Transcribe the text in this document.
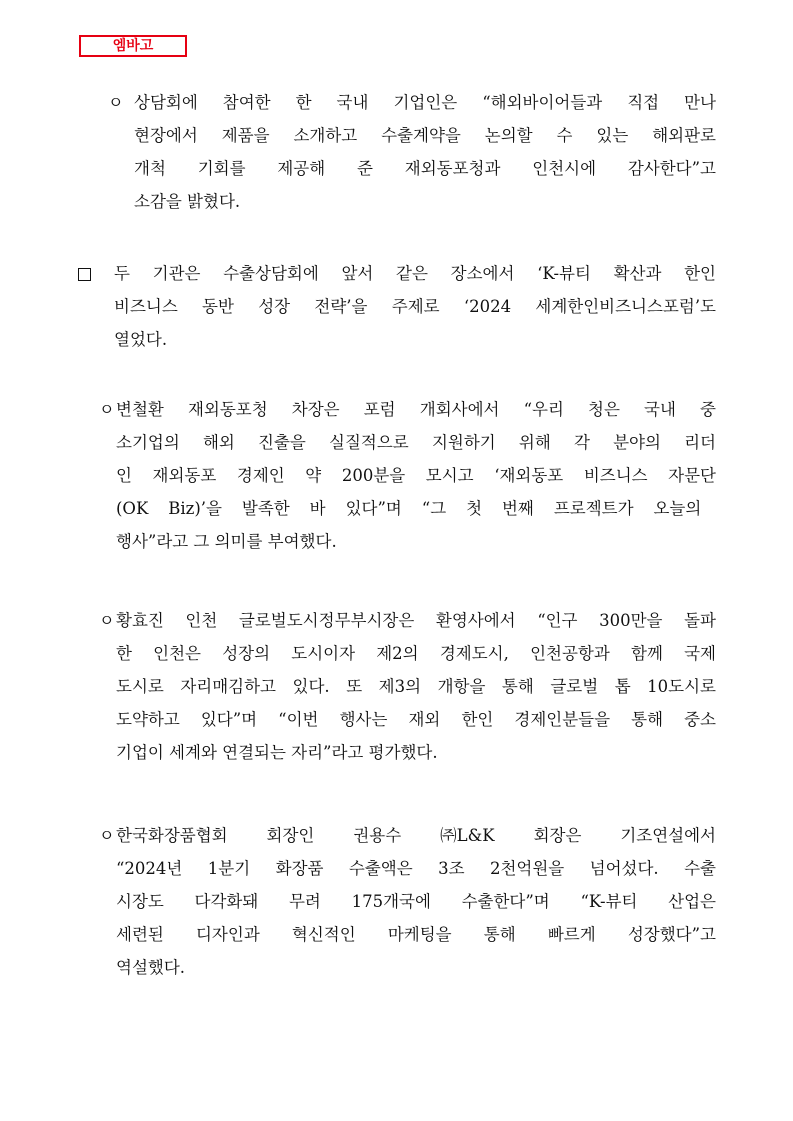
엠바고
ㅇ 상담회에 참여한 한 국내 기업인은 “해외바이어들과 직접 만나
현장에서 제품을 소개하고 수출계약을 논의할 수 있는 해외판로
개척 기회를 제공해 준 재외동포청과 인천시에 감사한다”고
소감을 밝혔다.
두 기관은 수출상담회에 앞서 같은 장소에서 ‘K-뷰티 확산과 한인
비즈니스 동반 성장 전략’을 주제로 ‘2024 세계한인비즈니스포럼’도
열었다.
ㅇ 변철환 재외동포청 차장은 포럼 개회사에서 “우리 청은 국내 중
소기업의 해외 진출을 실질적으로 지원하기 위해 각 분야의 리더
인 재외동포 경제인 약 200분을 모시고 ‘재외동포 비즈니스 자문단
(OK Biz)’을 발족한 바 있다”며 “그 첫 번째 프로젝트가 오늘의
행사”라고 그 의미를 부여했다.
ㅇ 황효진 인천 글로벌도시정무부시장은 환영사에서 “인구 300만을 돌파
한 인천은 성장의 도시이자 제2의 경제도시, 인천공항과 함께 국제
도시로 자리매김하고 있다. 또 제3의 개항을 통해 글로벌 톱 10도시로
도약하고 있다”며 “이번 행사는 재외 한인 경제인분들을 통해 중소
기업이 세계와 연결되는 자리”라고 평가했다.
ㅇ 한국화장품협회 회장인 권용수 ㈜L&K 회장은 기조연설에서
“2024년 1분기 화장품 수출액은 3조 2천억원을 넘어섰다. 수출
시장도 다각화돼 무려 175개국에 수출한다”며 “K-뷰티 산업은
세련된 디자인과 혁신적인 마케팅을 통해 빠르게 성장했다”고
역설했다.
